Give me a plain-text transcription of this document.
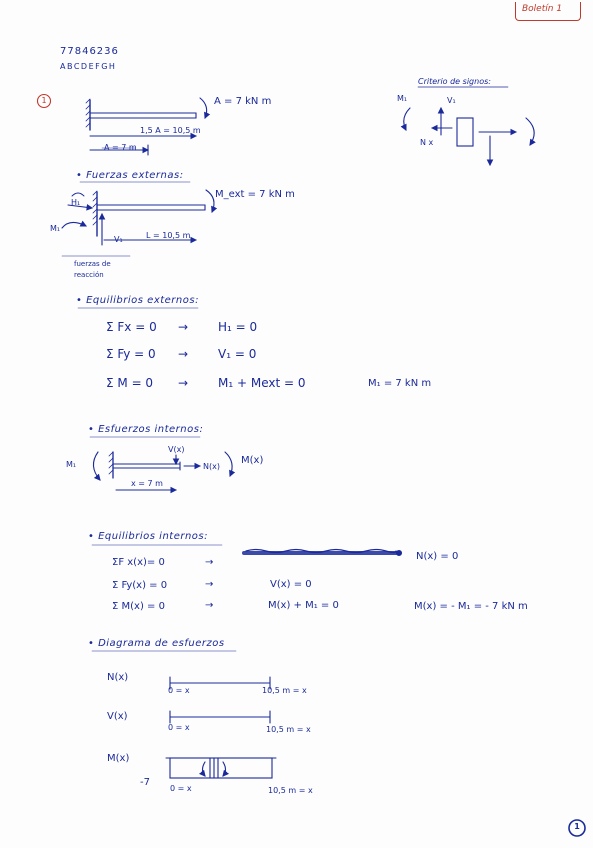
Boletín 1
77846236
ABCDEFGH
1	A = 7 kN m
1,5 A = 10,5 m
A = 7 m
Criterio de signos:
M₁	V₁
N x
• Fuerzas externas:
M_ext = 7 kN m
H₁
M₁
V₁	L = 10,5 m
fuerzas de
reacción
• Equilibrios externos:
Σ Fx = 0 → H₁ = 0
Σ Fy = 0 → V₁ = 0
Σ M = 0 → M₁ + Mext = 0	M₁ = 7 kN m
• Esfuerzos internos:
M₁
V(x)
N(x)
M(x)
x = 7 m
• Equilibrios internos:
ΣF x(x)= 0	→
N(x) = 0
Σ Fy(x) = 0	→	V(x) = 0
Σ M(x) = 0	→	M(x) + M₁ = 0	M(x) = - M₁ = - 7 kN m
• Diagrama de esfuerzos
N(x)
0 = x	10,5 m = x
V(x)
0 = x	10,5 m = x
M(x)
-7
0 = x	10,5 m = x
1
